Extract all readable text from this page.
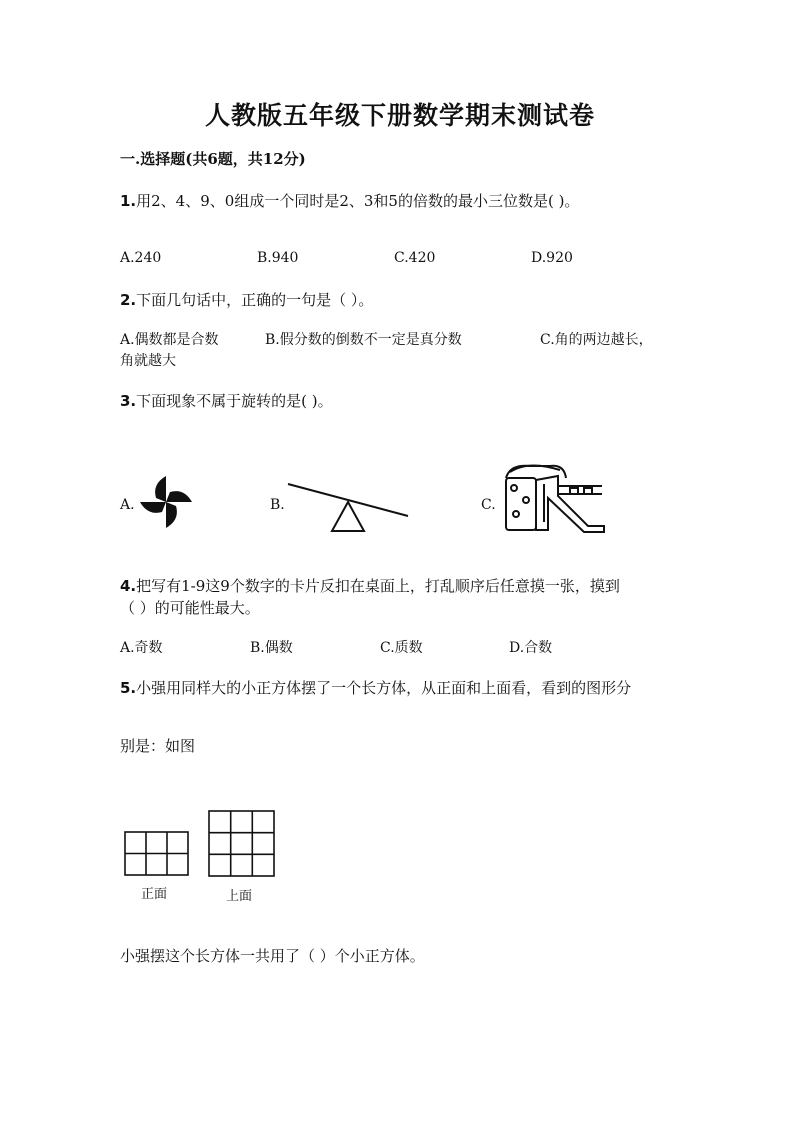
人教版五年级下册数学期末测试卷
一.选择题(共6题，共12分)
1.用2、4、9、0组成一个同时是2、3和5的倍数的最小三位数是( )。
A.240	B.940	C.420	D.920
2.下面几句话中，正确的一句是（ ）。
A.偶数都是合数	B.假分数的倒数不一定是真分数	C.角的两边越长，
角就越大
3.下面现象不属于旋转的是( )。
A.	B.	C.
4.把写有1-9这9个数字的卡片反扣在桌面上，打乱顺序后任意摸一张，摸到
（ ）的可能性最大。
A.奇数	B.偶数	C.质数	D.合数
5.小强用同样大的小正方体摆了一个长方体，从正面和上面看，看到的图形分
别是：如图
正面	上面
小强摆这个长方体一共用了（ ）个小正方体。
